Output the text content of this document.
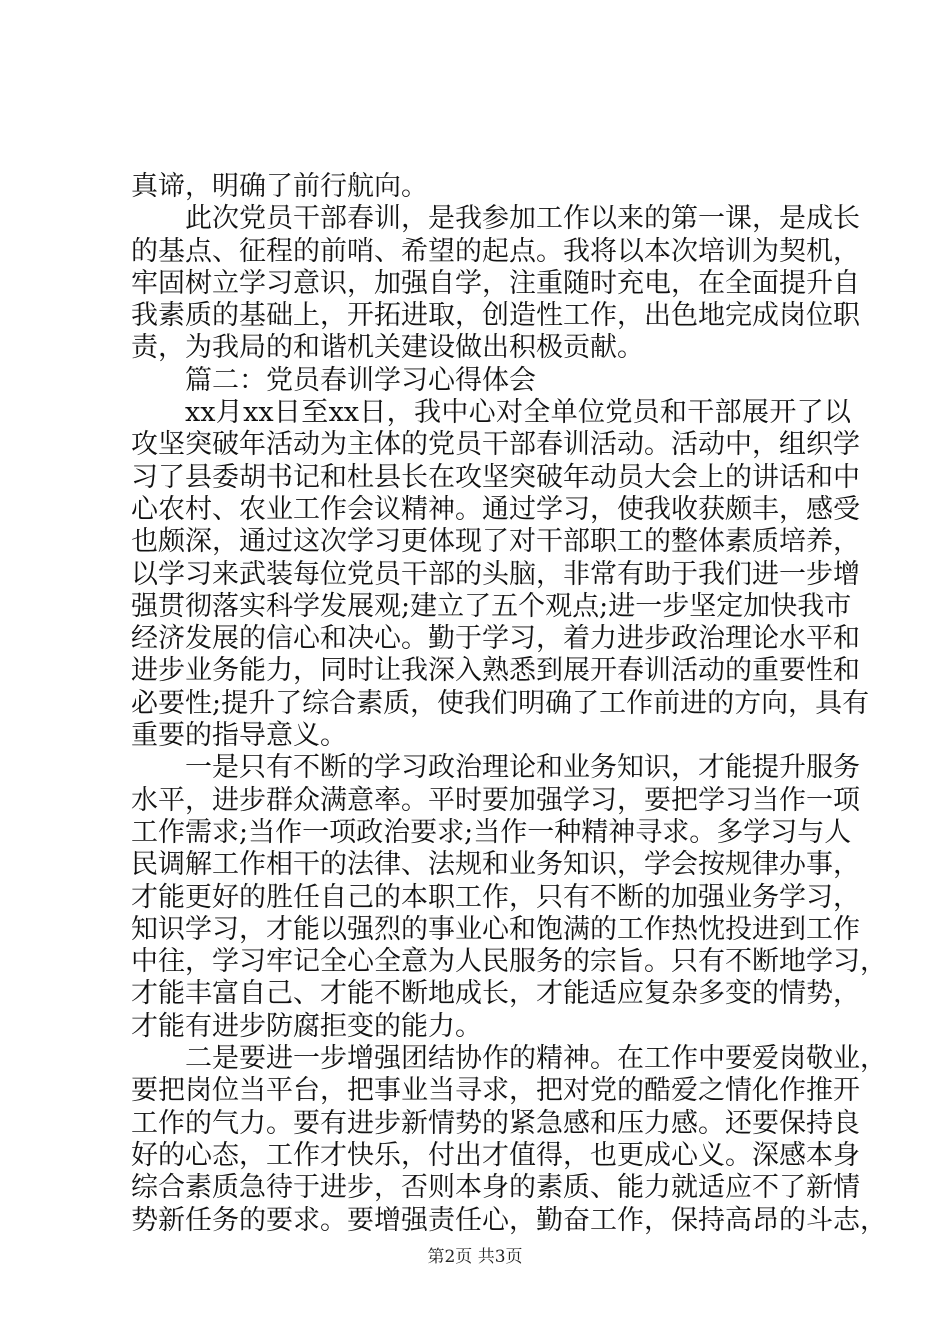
真谛，明确了前行航向。
此次党员干部春训，是我参加工作以来的第一课，是成长
的基点、征程的前哨、希望的起点。我将以本次培训为契机，
牢固树立学习意识，加强自学，注重随时充电，在全面提升自
我素质的基础上，开拓进取，创造性工作，出色地完成岗位职
责，为我局的和谐机关建设做出积极贡献。
篇二：党员春训学习心得体会
xx月xx日至xx日，我中心对全单位党员和干部展开了以
攻坚突破年活动为主体的党员干部春训活动。活动中，组织学
习了县委胡书记和杜县长在攻坚突破年动员大会上的讲话和中
心农村、农业工作会议精神。通过学习，使我收获颇丰，感受
也颇深，通过这次学习更体现了对干部职工的整体素质培养，
以学习来武装每位党员干部的头脑，非常有助于我们进一步增
强贯彻落实科学发展观;建立了五个观点;进一步坚定加快我市
经济发展的信心和决心。勤于学习，着力进步政治理论水平和
进步业务能力，同时让我深入熟悉到展开春训活动的重要性和
必要性;提升了综合素质，使我们明确了工作前进的方向，具有
重要的指导意义。
一是只有不断的学习政治理论和业务知识，才能提升服务
水平，进步群众满意率。平时要加强学习，要把学习当作一项
工作需求;当作一项政治要求;当作一种精神寻求。多学习与人
民调解工作相干的法律、法规和业务知识，学会按规律办事，
才能更好的胜任自己的本职工作，只有不断的加强业务学习，
知识学习，才能以强烈的事业心和饱满的工作热忱投进到工作
中往，学习牢记全心全意为人民服务的宗旨。只有不断地学习，
才能丰富自己、才能不断地成长，才能适应复杂多变的情势，
才能有进步防腐拒变的能力。
二是要进一步增强团结协作的精神。在工作中要爱岗敬业，
要把岗位当平台，把事业当寻求，把对党的酷爱之情化作推开
工作的气力。要有进步新情势的紧急感和压力感。还要保持良
好的心态，工作才快乐，付出才值得，也更成心义。深感本身
综合素质急待于进步，否则本身的素质、能力就适应不了新情
势新任务的要求。要增强责任心，勤奋工作，保持高昂的斗志，
第2页 共3页
